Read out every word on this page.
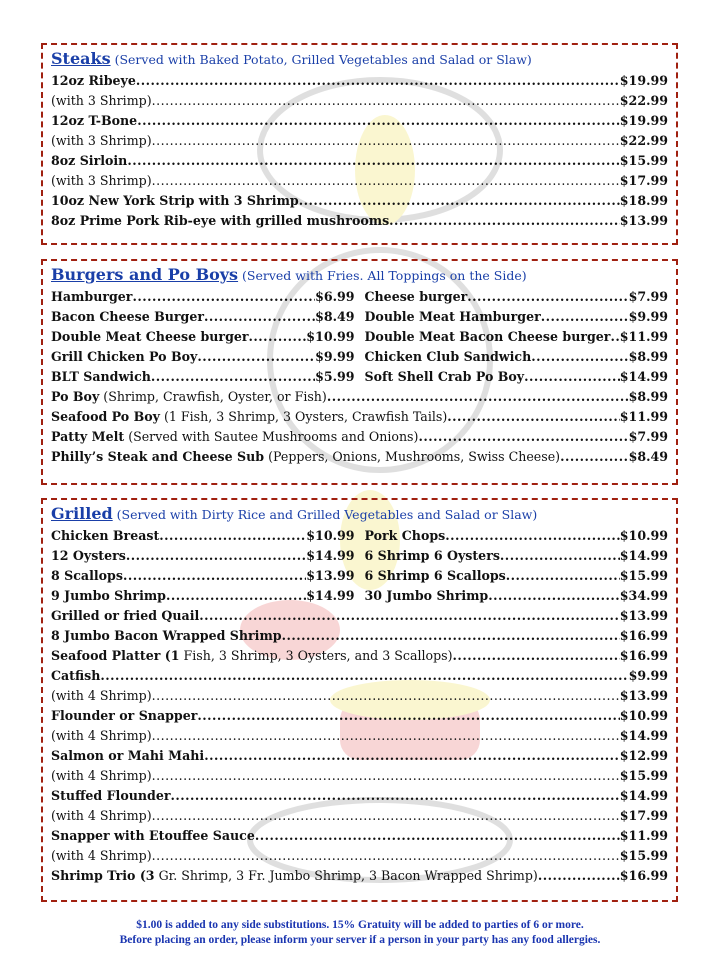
Steaks (Served with Baked Potato, Grilled Vegetables and Salad or Slaw)
12oz Ribeye .....	$19.99
(with 3 Shrimp) .....	$22.99
12oz T-Bone .....	$19.99
(with 3 Shrimp) .....	$22.99
8oz Sirloin .....	$15.99
(with 3 Shrimp) .....	$17.99
10oz New York Strip with 3 Shrimp .....	$18.99
8oz Prime Pork Rib-eye with grilled mushrooms .....	$13.99
Burgers and Po Boys (Served with Fries. All Toppings on the Side)
Hamburger .....	$6.99 Cheese burger .....	$7.99
Bacon Cheese Burger .....	$8.49 Double Meat Hamburger .....	$9.99
Double Meat Cheese burger .....	$10.99 Double Meat Bacon Cheese burger ..... $11.99
Grill Chicken Po Boy .....	$9.99 Chicken Club Sandwich .....	$8.99
BLT Sandwich .....	$5.99 Soft Shell Crab Po Boy .....	$14.99
Po Boy (Shrimp, Crawfish, Oyster, or Fish) .....	$8.99
Seafood Po Boy (1 Fish, 3 Shrimp, 3 Oysters, Crawfish Tails) .....	$11.99
Patty Melt (Served with Sautee Mushrooms and Onions) .....	$7.99
Philly’s Steak and Cheese Sub (Peppers, Onions, Mushrooms, Swiss Cheese) .....	$8.49
Grilled (Served with Dirty Rice and Grilled Vegetables and Salad or Slaw)
Chicken Breast .....	$10.99 Pork Chops .....	$10.99
12 Oysters .....	$14.99 6 Shrimp 6 Oysters .....	$14.99
8 Scallops .....	$13.99 6 Shrimp 6 Scallops .....	$15.99
9 Jumbo Shrimp .....	$14.99 30 Jumbo Shrimp .....	$34.99
Grilled or fried Quail .....	$13.99
8 Jumbo Bacon Wrapped Shrimp .....	$16.99
Seafood Platter (1 Fish, 3 Shrimp, 3 Oysters, and 3 Scallops) .....	$16.99
Catfish .....	$9.99
(with 4 Shrimp) .....	$13.99
Flounder or Snapper .....	$10.99
(with 4 Shrimp) .....	$14.99
Salmon or Mahi Mahi .....	$12.99
(with 4 Shrimp) .....	$15.99
Stuffed Flounder .....	$14.99
(with 4 Shrimp) .....	$17.99
Snapper with Etouffee Sauce .....	$11.99
(with 4 Shrimp) .....	$15.99
Shrimp Trio (3 Gr. Shrimp, 3 Fr. Jumbo Shrimp, 3 Bacon Wrapped Shrimp) .....	$16.99
$1.00 is added to any side substitutions. 15% Gratuity will be added to parties of 6 or more.
Before placing an order, please inform your server if a person in your party has any food allergies.
